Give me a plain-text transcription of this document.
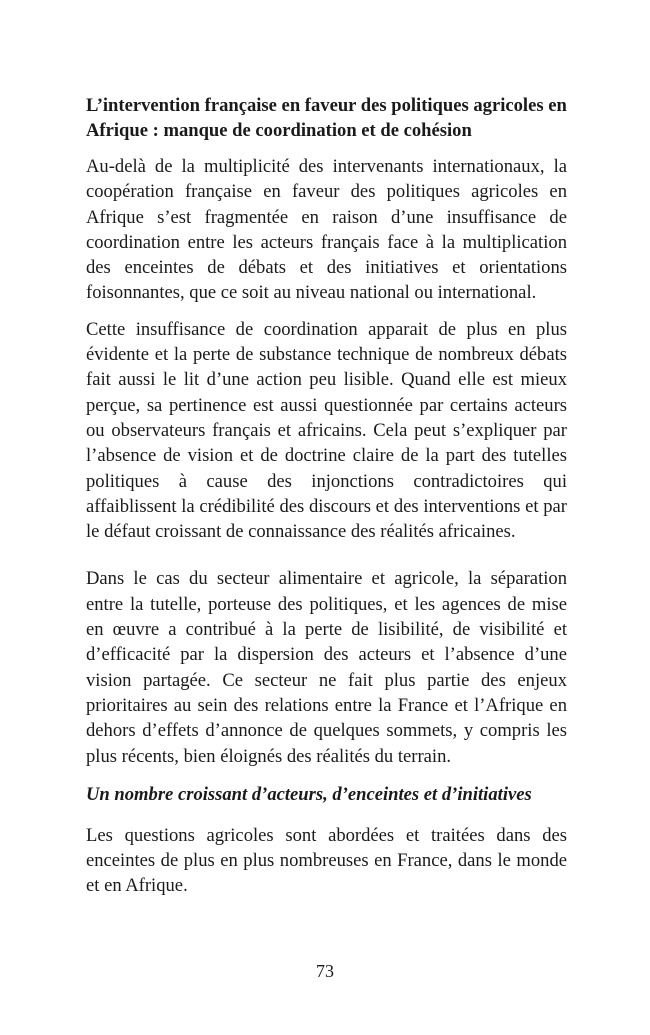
L’intervention française en faveur des politiques agricoles en Afrique : manque de coordination et de cohésion

Au-delà de la multiplicité des intervenants internationaux, la coopération française en faveur des politiques agricoles en Afrique s’est fragmentée en raison d’une insuffisance de coordination entre les acteurs français face à la multiplication des enceintes de débats et des initiatives et orientations foisonnantes, que ce soit au niveau national ou international.

Cette insuffisance de coordination apparait de plus en plus évidente et la perte de substance technique de nombreux débats fait aussi le lit d’une action peu lisible. Quand elle est mieux perçue, sa pertinence est aussi questionnée par certains acteurs ou observateurs français et africains. Cela peut s’expliquer par l’absence de vision et de doctrine claire de la part des tutelles politiques à cause des injonctions contradictoires qui affaiblissent la crédibilité des discours et des interventions et par le défaut croissant de connaissance des réalités africaines.

Dans le cas du secteur alimentaire et agricole, la séparation entre la tutelle, porteuse des politiques, et les agences de mise en œuvre a contribué à la perte de lisibilité, de visibilité et d’efficacité par la dispersion des acteurs et l’absence d’une vision partagée. Ce secteur ne fait plus partie des enjeux prioritaires au sein des relations entre la France et l’Afrique en dehors d’effets d’annonce de quelques sommets, y compris les plus récents, bien éloignés des réalités du terrain.

Un nombre croissant d’acteurs, d’enceintes et d’initiatives

Les questions agricoles sont abordées et traitées dans des enceintes de plus en plus nombreuses en France, dans le monde et en Afrique.

73
